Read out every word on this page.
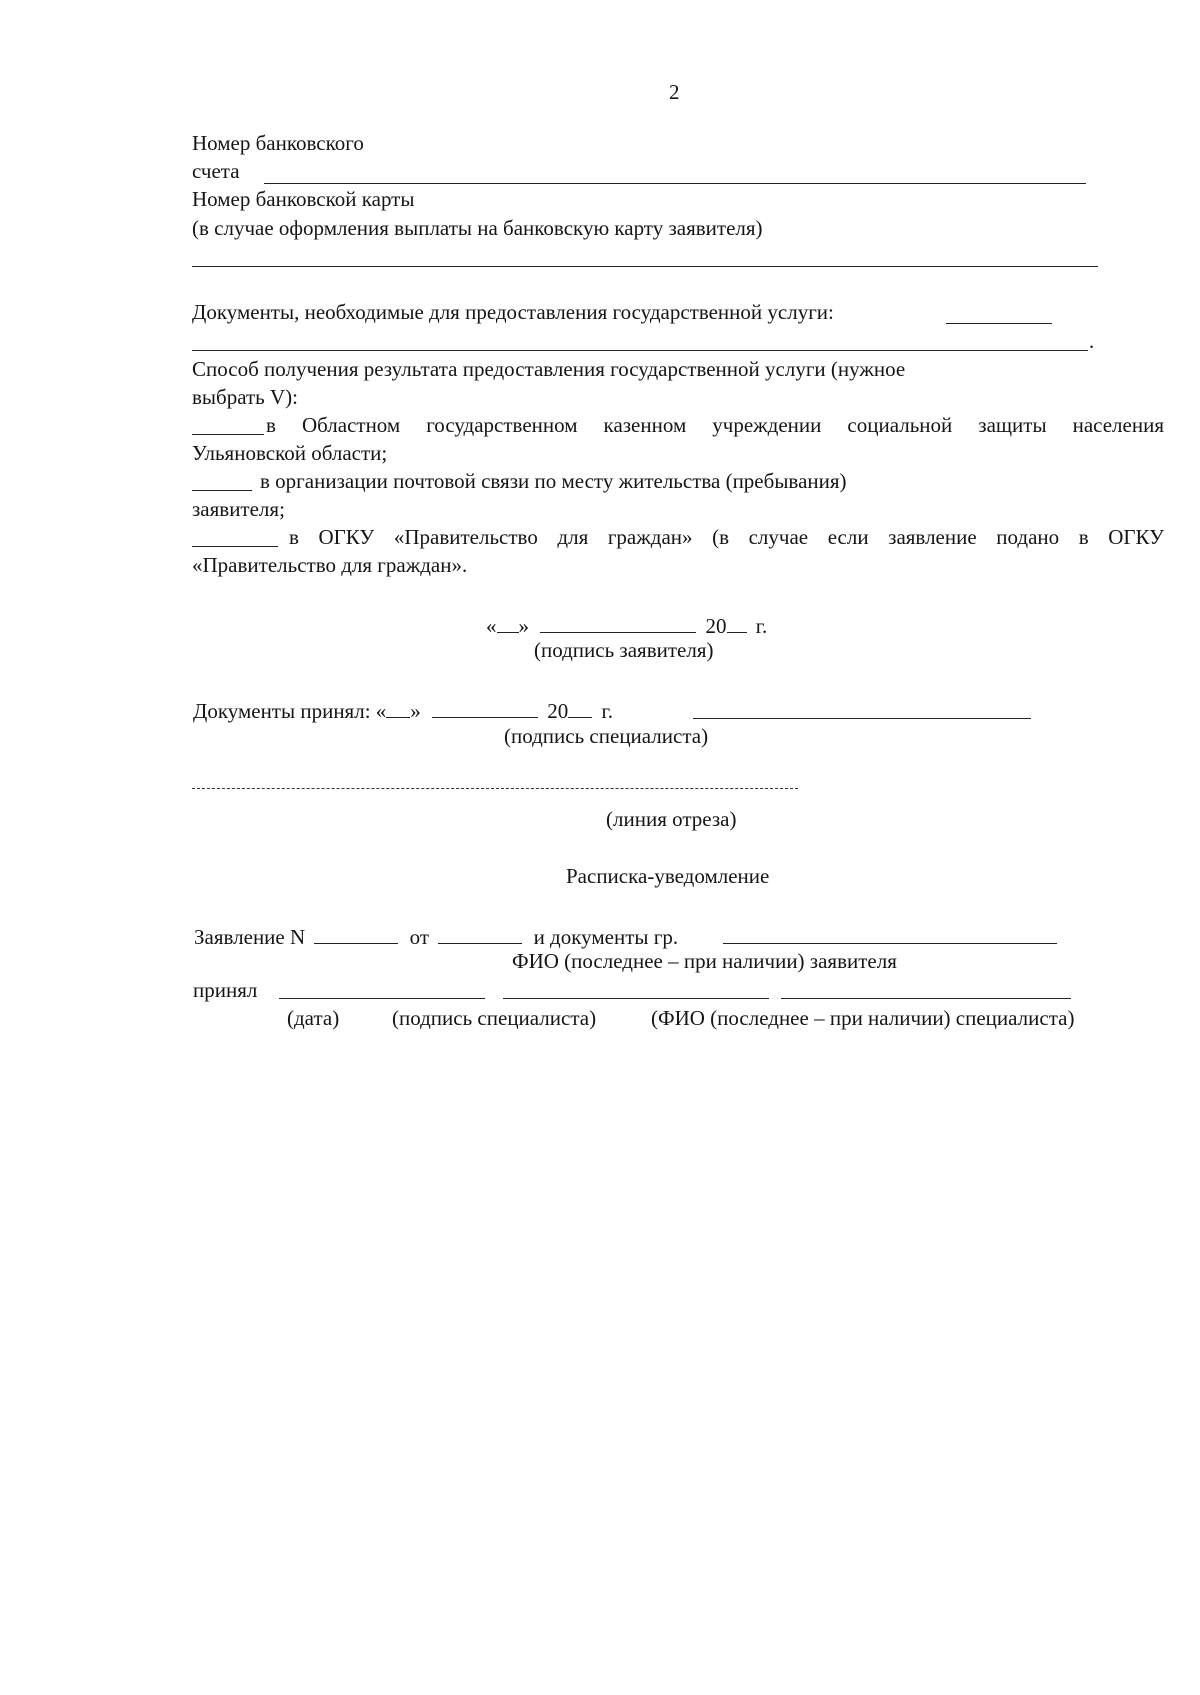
2
Номер банковского
счета
Номер банковской карты
(в случае оформления выплаты на банковскую карту заявителя)
Документы, необходимые для предоставления государственной услуги:
.
Способ получения результата предоставления государственной услуги (нужное
выбрать V):
в Областном государственном казенном учреждении социальной защиты населения
Ульяновской области;
в организации почтовой связи по месту жительства (пребывания)
заявителя;
в ОГКУ «Правительство для граждан» (в случае если заявление подано в ОГКУ
«Правительство для граждан».
« »	20 г.
(подпись заявителя)
Документы принял: « »	20 г.
(подпись специалиста)
(линия отреза)
Расписка-уведомление
Заявление N	от	и документы гр.
ФИО (последнее – при наличии) заявителя
принял
(дата)	(подпись специалиста)	(ФИО (последнее – при наличии) специалиста)
